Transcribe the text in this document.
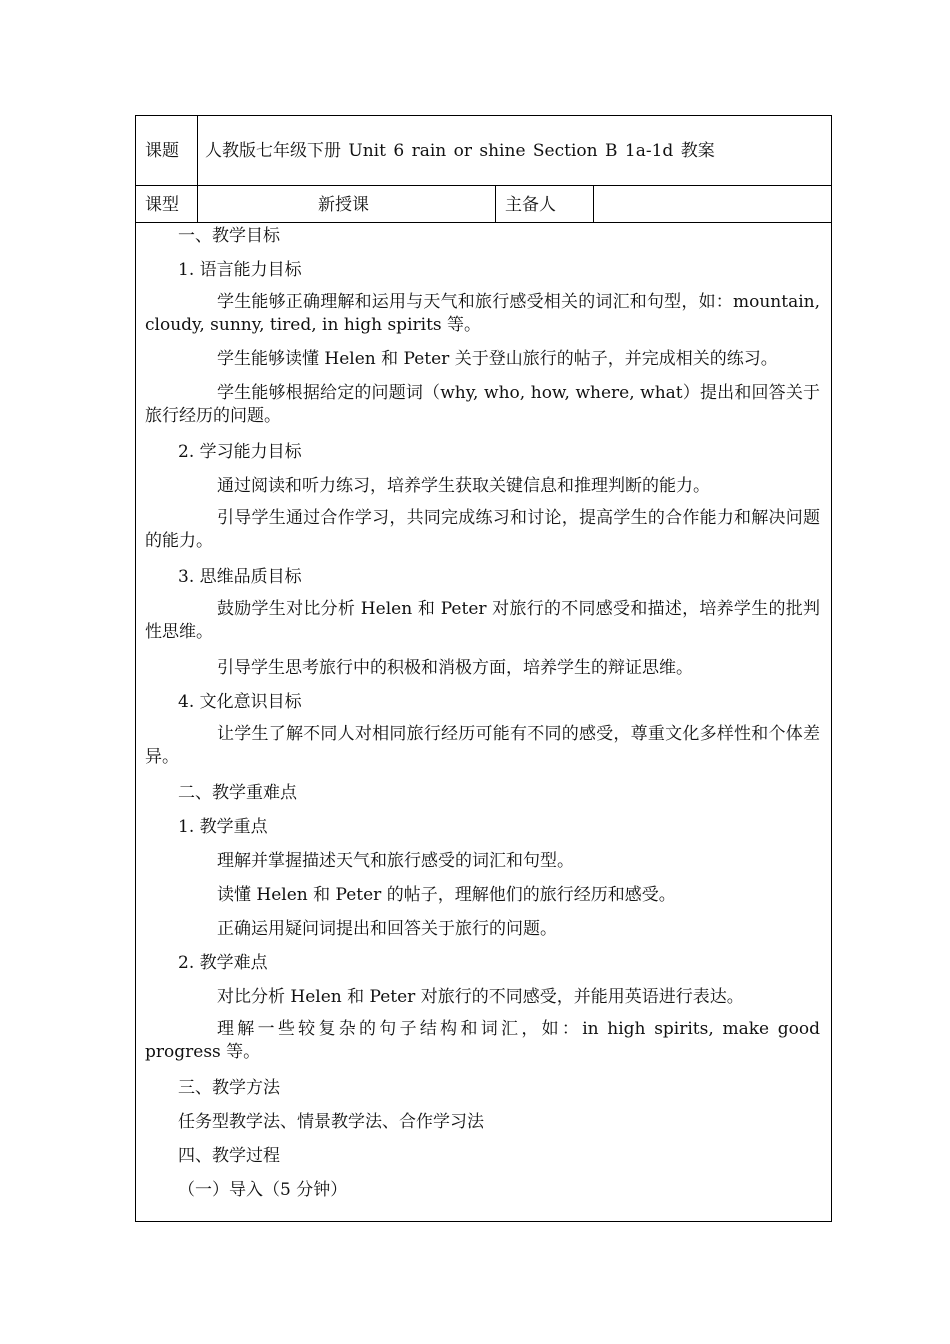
课题 人教版七年级下册 Unit 6 rain or shine Section B 1a-1d 教案
课型	新授课	主备人

一、教学目标

1. 语言能力目标

学生能够正确理解和运用与天气和旅行感受相关的词汇和句型，如：mountain, cloudy, sunny, tired, in high spirits 等。

学生能够读懂 Helen 和 Peter 关于登山旅行的帖子，并完成相关的练习。

学生能够根据给定的问题词（why, who, how, where, what）提出和回答关于旅行经历的问题。

2. 学习能力目标

通过阅读和听力练习，培养学生获取关键信息和推理判断的能力。

引导学生通过合作学习，共同完成练习和讨论，提高学生的合作能力和解决问题的能力。

3. 思维品质目标

鼓励学生对比分析 Helen 和 Peter 对旅行的不同感受和描述，培养学生的批判性思维。

引导学生思考旅行中的积极和消极方面，培养学生的辩证思维。

4. 文化意识目标

让学生了解不同人对相同旅行经历可能有不同的感受，尊重文化多样性和个体差异。

二、教学重难点

1. 教学重点

理解并掌握描述天气和旅行感受的词汇和句型。

读懂 Helen 和 Peter 的帖子，理解他们的旅行经历和感受。

正确运用疑问词提出和回答关于旅行的问题。

2. 教学难点

对比分析 Helen 和 Peter 对旅行的不同感受，并能用英语进行表达。

理解一些较复杂的句子结构和词汇，如：in high spirits, make good progress 等。

三、教学方法

任务型教学法、情景教学法、合作学习法

四、教学过程

（一）导入（5 分钟）
